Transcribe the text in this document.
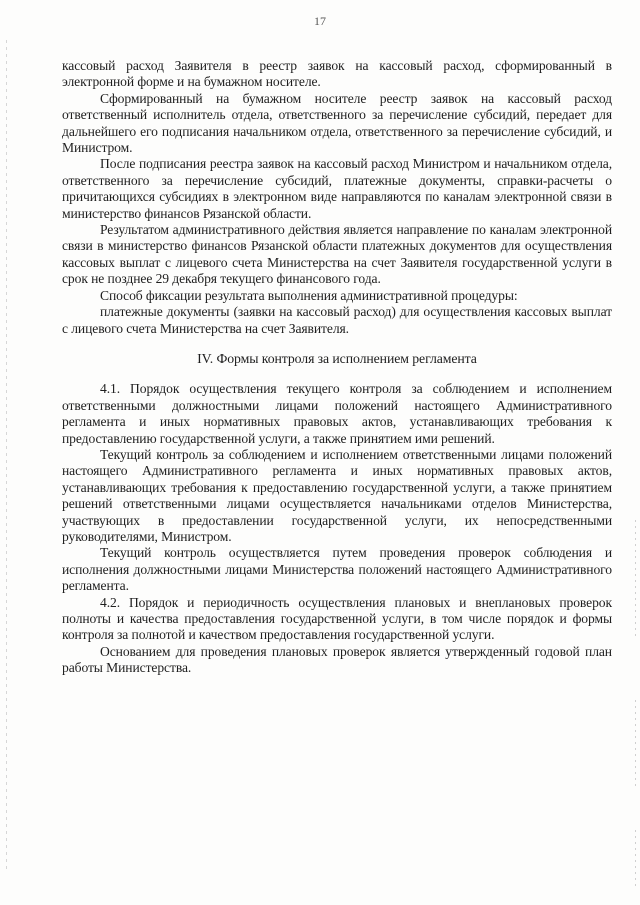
17

кассовый расход Заявителя в реестр заявок на кассовый расход, сформированный в электронной форме и на бумажном носителе.

Сформированный на бумажном носителе реестр заявок на кассовый расход ответственный исполнитель отдела, ответственного за перечисление субсидий, передает для дальнейшего его подписания начальником отдела, ответственного за перечисление субсидий, и Министром.

После подписания реестра заявок на кассовый расход Министром и начальником отдела, ответственного за перечисление субсидий, платежные документы, справки-расчеты о причитающихся субсидиях в электронном виде направляются по каналам электронной связи в министерство финансов Рязанской области.

Результатом административного действия является направление по каналам электронной связи в министерство финансов Рязанской области платежных документов для осуществления кассовых выплат с лицевого счета Министерства на счет Заявителя государственной услуги в срок не позднее 29 декабря текущего финансового года.

Способ фиксации результата выполнения административной процедуры:

платежные документы (заявки на кассовый расход) для осуществления кассовых выплат с лицевого счета Министерства на счет Заявителя.

IV. Формы контроля за исполнением регламента

4.1. Порядок осуществления текущего контроля за соблюдением и исполнением ответственными должностными лицами положений настоящего Административного регламента и иных нормативных правовых актов, устанавливающих требования к предоставлению государственной услуги, а также принятием ими решений.

Текущий контроль за соблюдением и исполнением ответственными лицами положений настоящего Административного регламента и иных нормативных правовых актов, устанавливающих требования к предоставлению государственной услуги, а также принятием решений ответственными лицами осуществляется начальниками отделов Министерства, участвующих в предоставлении государственной услуги, их непосредственными руководителями, Министром.

Текущий контроль осуществляется путем проведения проверок соблюдения и исполнения должностными лицами Министерства положений настоящего Административного регламента.

4.2. Порядок и периодичность осуществления плановых и внеплановых проверок полноты и качества предоставления государственной услуги, в том числе порядок и формы контроля за полнотой и качеством предоставления государственной услуги.

Основанием для проведения плановых проверок является утвержденный годовой план работы Министерства.
